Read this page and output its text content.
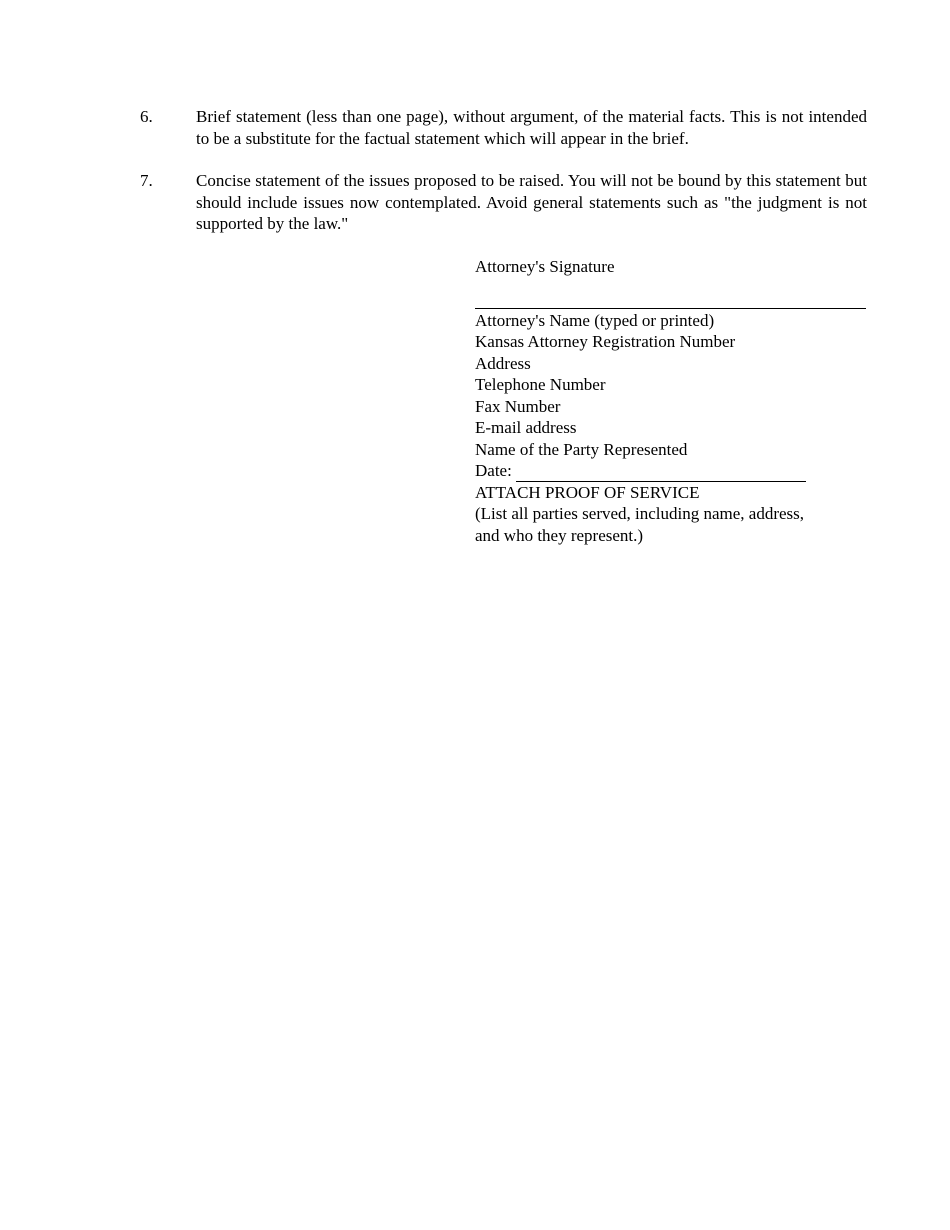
6.	Brief statement (less than one page), without argument, of the material facts. This is not intended to be a substitute for the factual statement which will appear in the brief.
7.	Concise statement of the issues proposed to be raised. You will not be bound by this statement but should include issues now contemplated. Avoid general statements such as "the judgment is not supported by the law."
Attorney's Signature
Attorney's Name (typed or printed)
Kansas Attorney Registration Number
Address
Telephone Number
Fax Number
E-mail address
Name of the Party Represented
Date:
ATTACH PROOF OF SERVICE
(List all parties served, including name, address,
and who they represent.)
